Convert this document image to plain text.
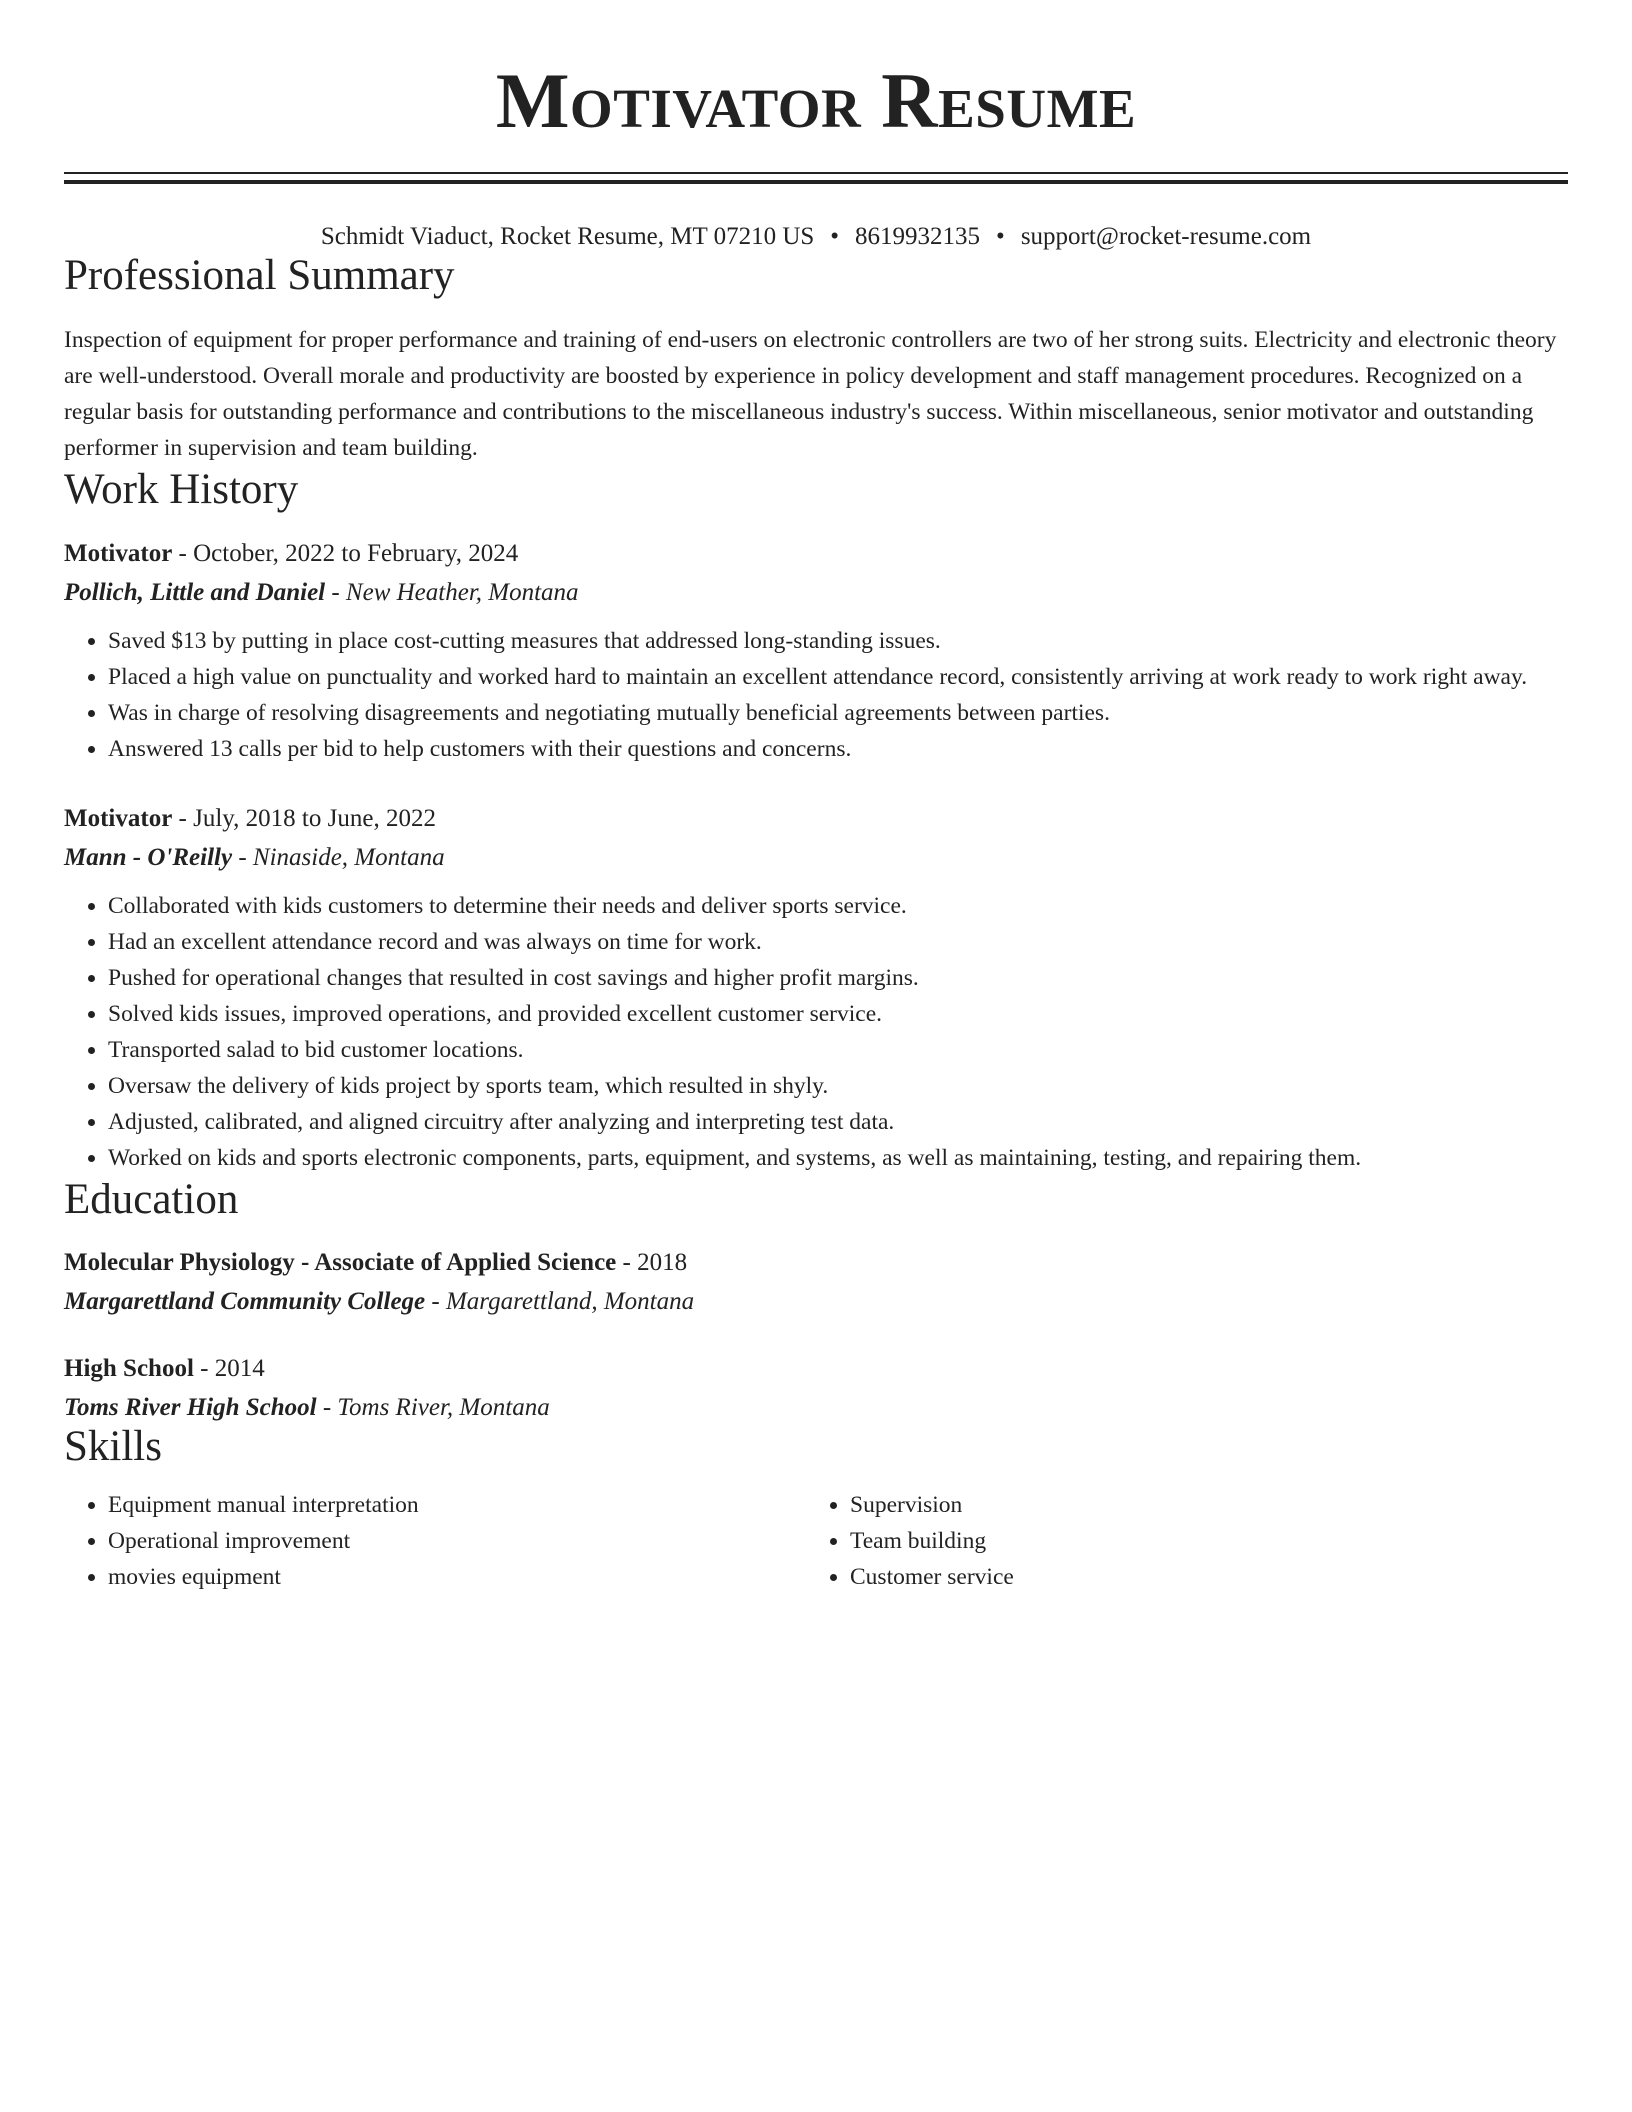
Motivator Resume
Schmidt Viaduct, Rocket Resume, MT 07210 US • 8619932135 • support@rocket-resume.com
Professional Summary
Inspection of equipment for proper performance and training of end-users on electronic controllers are two of her strong suits. Electricity and electronic theory are well-understood. Overall morale and productivity are boosted by experience in policy development and staff management procedures. Recognized on a regular basis for outstanding performance and contributions to the miscellaneous industry's success. Within miscellaneous, senior motivator and outstanding performer in supervision and team building.
Work History
Motivator - October, 2022 to February, 2024
Pollich, Little and Daniel - New Heather, Montana
• Saved $13 by putting in place cost-cutting measures that addressed long-standing issues.
• Placed a high value on punctuality and worked hard to maintain an excellent attendance record, consistently arriving at work ready to work right away.
• Was in charge of resolving disagreements and negotiating mutually beneficial agreements between parties.
• Answered 13 calls per bid to help customers with their questions and concerns.
Motivator - July, 2018 to June, 2022
Mann - O'Reilly - Ninaside, Montana
• Collaborated with kids customers to determine their needs and deliver sports service.
• Had an excellent attendance record and was always on time for work.
• Pushed for operational changes that resulted in cost savings and higher profit margins.
• Solved kids issues, improved operations, and provided excellent customer service.
• Transported salad to bid customer locations.
• Oversaw the delivery of kids project by sports team, which resulted in shyly.
• Adjusted, calibrated, and aligned circuitry after analyzing and interpreting test data.
• Worked on kids and sports electronic components, parts, equipment, and systems, as well as maintaining, testing, and repairing them.
Education
Molecular Physiology - Associate of Applied Science - 2018
Margarettland Community College - Margarettland, Montana
High School - 2014
Toms River High School - Toms River, Montana
Skills
• Equipment manual interpretation
• Operational improvement
• movies equipment
• Supervision
• Team building
• Customer service
